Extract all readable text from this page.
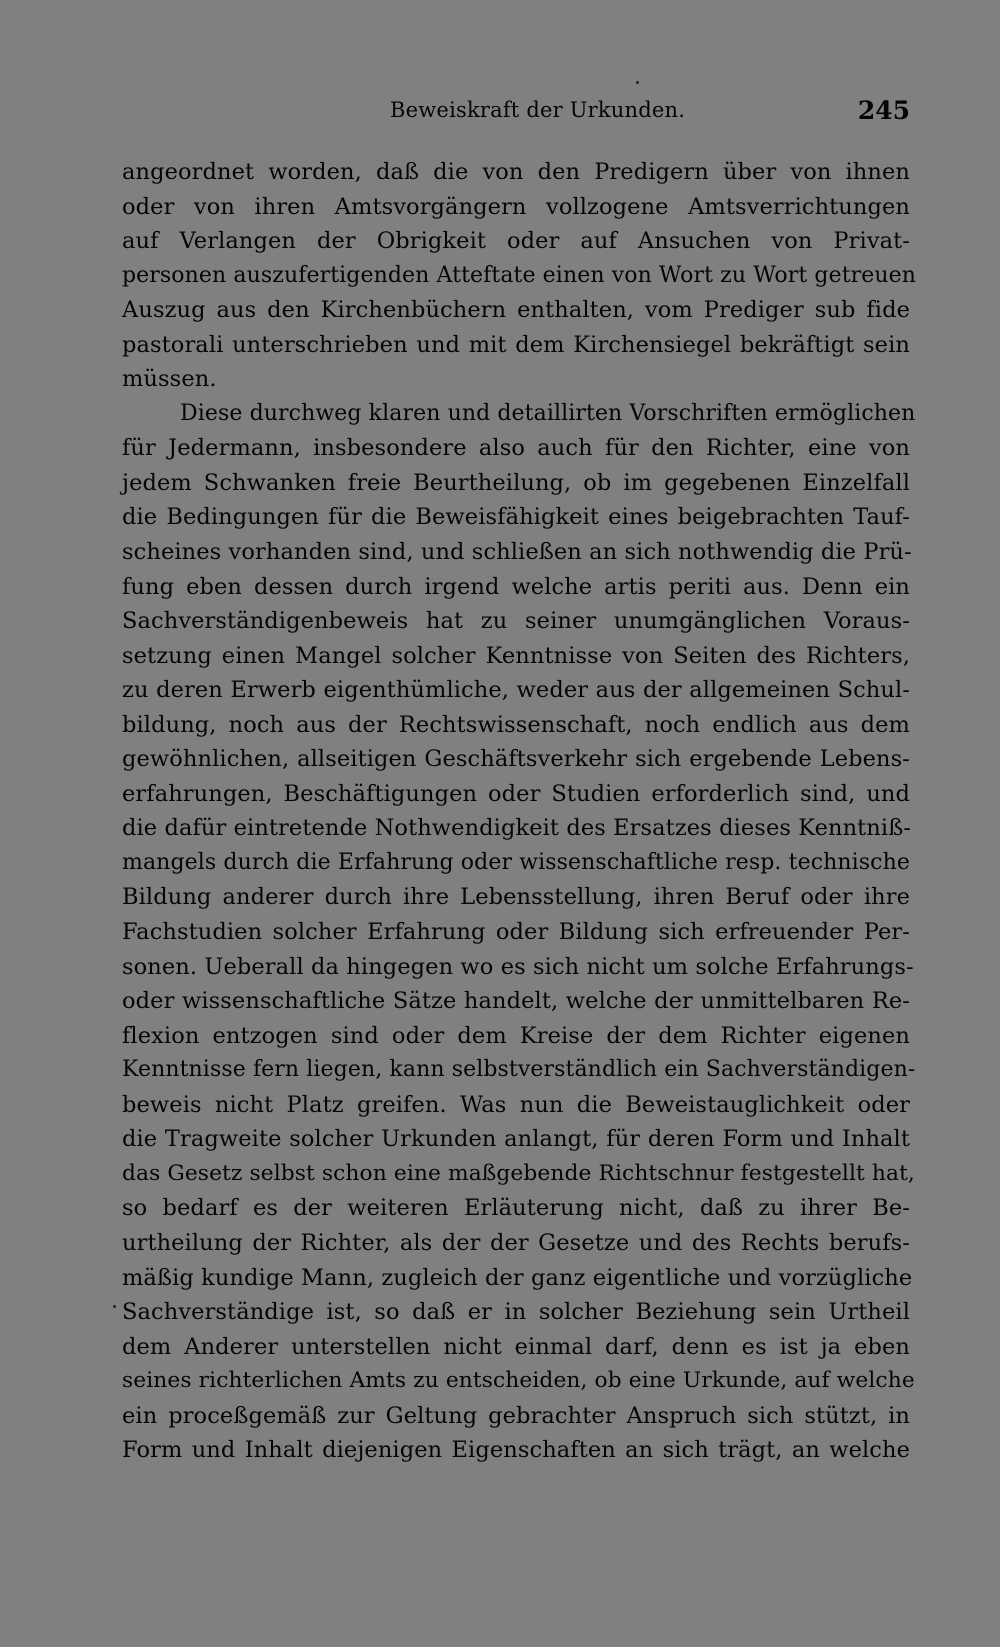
Beweiskraft der Urkunden.	245
angeordnet worden, daß die von den Predigern über von ihnen
oder von ihren Amtsvorgängern vollzogene Amtsverrichtungen
auf Verlangen der Obrigkeit oder auf Ansuchen von Privat-
personen auszufertigenden Atteftate einen von Wort zu Wort getreuen
Auszug aus den Kirchenbüchern enthalten, vom Prediger sub fide
pastorali unterschrieben und mit dem Kirchensiegel bekräftigt sein
müssen.
Diese durchweg klaren und detaillirten Vorschriften ermöglichen
für Jedermann, insbesondere also auch für den Richter, eine von
jedem Schwanken freie Beurtheilung, ob im gegebenen Einzelfall
die Bedingungen für die Beweisfähigkeit eines beigebrachten Tauf-
scheines vorhanden sind, und schließen an sich nothwendig die Prü-
fung eben dessen durch irgend welche artis periti aus. Denn ein
Sachverständigenbeweis hat zu seiner unumgänglichen Voraus-
setzung einen Mangel solcher Kenntnisse von Seiten des Richters,
zu deren Erwerb eigenthümliche, weder aus der allgemeinen Schul-
bildung, noch aus der Rechtswissenschaft, noch endlich aus dem
gewöhnlichen, allseitigen Geschäftsverkehr sich ergebende Lebens-
erfahrungen, Beschäftigungen oder Studien erforderlich sind, und
die dafür eintretende Nothwendigkeit des Ersatzes dieses Kenntniß-
mangels durch die Erfahrung oder wissenschaftliche resp. technische
Bildung anderer durch ihre Lebensstellung, ihren Beruf oder ihre
Fachstudien solcher Erfahrung oder Bildung sich erfreuender Per-
sonen. Ueberall da hingegen wo es sich nicht um solche Erfahrungs-
oder wissenschaftliche Sätze handelt, welche der unmittelbaren Re-
flexion entzogen sind oder dem Kreise der dem Richter eigenen
Kenntnisse fern liegen, kann selbstverständlich ein Sachverständigen-
beweis nicht Platz greifen. Was nun die Beweistauglichkeit oder
die Tragweite solcher Urkunden anlangt, für deren Form und Inhalt
das Gesetz selbst schon eine maßgebende Richtschnur festgestellt hat,
so bedarf es der weiteren Erläuterung nicht, daß zu ihrer Be-
urtheilung der Richter, als der der Gesetze und des Rechts berufs-
mäßig kundige Mann, zugleich der ganz eigentliche und vorzügliche
Sachverständige ist, so daß er in solcher Beziehung sein Urtheil
dem Anderer unterstellen nicht einmal darf, denn es ist ja eben
seines richterlichen Amts zu entscheiden, ob eine Urkunde, auf welche
ein proceßgemäß zur Geltung gebrachter Anspruch sich stützt, in
Form und Inhalt diejenigen Eigenschaften an sich trägt, an welche
